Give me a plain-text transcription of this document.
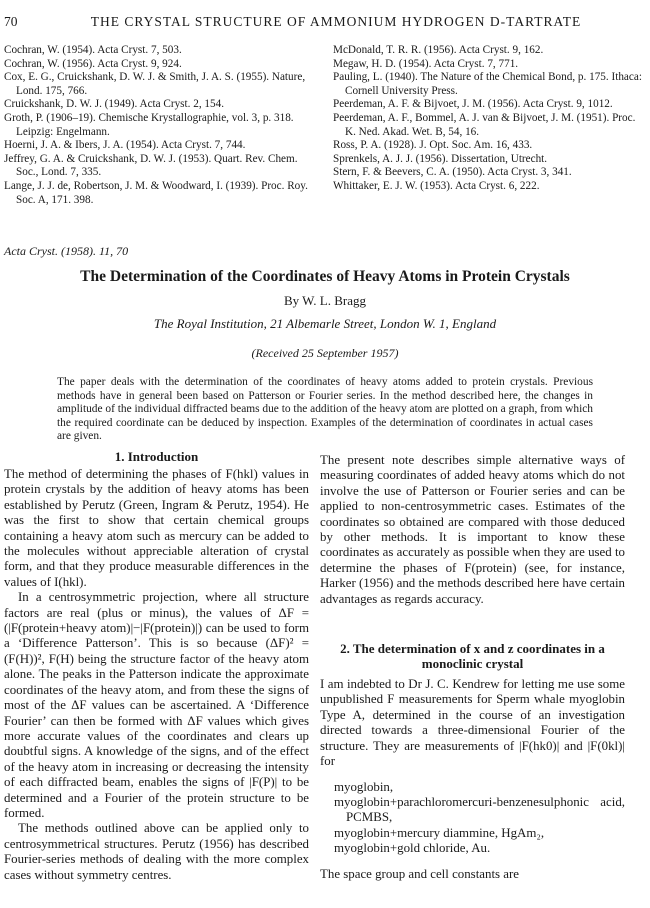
70	THE CRYSTAL STRUCTURE OF AMMONIUM HYDROGEN D-TARTRATE

Cochran, W. (1954). Acta Cryst. 7, 503.

Cochran, W. (1956). Acta Cryst. 9, 924.

Cox, E. G., Cruickshank, D. W. J. & Smith, J. A. S. (1955). Nature, Lond. 175, 766.

Cruickshank, D. W. J. (1949). Acta Cryst. 2, 154.

Groth, P. (1906–19). Chemische Krystallographie, vol. 3, p. 318. Leipzig: Engelmann.

Hoerni, J. A. & Ibers, J. A. (1954). Acta Cryst. 7, 744.

Jeffrey, G. A. & Cruickshank, D. W. J. (1953). Quart. Rev. Chem. Soc., Lond. 7, 335.

Lange, J. J. de, Robertson, J. M. & Woodward, I. (1939). Proc. Roy. Soc. A, 171. 398.

McDonald, T. R. R. (1956). Acta Cryst. 9, 162.

Megaw, H. D. (1954). Acta Cryst. 7, 771.

Pauling, L. (1940). The Nature of the Chemical Bond, p. 175. Ithaca: Cornell University Press.

Peerdeman, A. F. & Bijvoet, J. M. (1956). Acta Cryst. 9, 1012.

Peerdeman, A. F., Bommel, A. J. van & Bijvoet, J. M. (1951). Proc. K. Ned. Akad. Wet. B, 54, 16.

Ross, P. A. (1928). J. Opt. Soc. Am. 16, 433.

Sprenkels, A. J. J. (1956). Dissertation, Utrecht.

Stern, F. & Beevers, C. A. (1950). Acta Cryst. 3, 341.

Whittaker, E. J. W. (1953). Acta Cryst. 6, 222.

Acta Cryst. (1958). 11, 70
The Determination of the Coordinates of Heavy Atoms in Protein Crystals
By W. L. Bragg
The Royal Institution, 21 Albemarle Street, London W. 1, England
(Received 25 September 1957)
The paper deals with the determination of the coordinates of heavy atoms added to protein crystals. Previous methods have in general been based on Patterson or Fourier series. In the method described here, the changes in amplitude of the individual diffracted beams due to the addition of the heavy atom are plotted on a graph, from which the required coordinate can be deduced by inspection. Examples of the determination of coordinates in actual cases are given.
1. Introduction

The method of determining the phases of F(hkl) values in protein crystals by the addition of heavy atoms has been established by Perutz (Green, Ingram & Perutz, 1954). He was the first to show that certain chemical groups containing a heavy atom such as mercury can be added to the molecules without appreciable alteration of crystal form, and that they produce measurable differences in the values of I(hkl).

In a centrosymmetric projection, where all structure factors are real (plus or minus), the values of ΔF = (|F(protein+heavy atom)|−|F(protein)|) can be used to form a ‘Difference Patterson’. This is so because (ΔF)² = (F(H))², F(H) being the structure factor of the heavy atom alone. The peaks in the Patterson indicate the approximate coordinates of the heavy atom, and from these the signs of most of the ΔF values can be ascertained. A ‘Difference Fourier’ can then be formed with ΔF values which gives more accurate values of the coordinates and clears up doubtful signs. A knowledge of the signs, and of the effect of the heavy atom in increasing or decreasing the intensity of each diffracted beam, enables the signs of |F(P)| to be determined and a Fourier of the protein structure to be formed.

The methods outlined above can be applied only to centrosymmetrical structures. Perutz (1956) has described Fourier-series methods of dealing with the more complex cases without symmetry centres.

The present note describes simple alternative ways of measuring coordinates of added heavy atoms which do not involve the use of Patterson or Fourier series and can be applied to non-centrosymmetric cases. Estimates of the coordinates so obtained are compared with those deduced by other methods. It is important to know these coordinates as accurately as possible when they are used to determine the phases of F(protein) (see, for instance, Harker (1956) and the methods described here have certain advantages as regards accuracy.

2. The determination of x and z coordinates in a monoclinic crystal

I am indebted to Dr J. C. Kendrew for letting me use some unpublished F measurements for Sperm whale myoglobin Type A, determined in the course of an investigation directed towards a three-dimensional Fourier of the structure. They are measurements of |F(hk0)| and |F(0kl)| for

myoglobin,
myoglobin+parachloromercuri-benzenesulphonic acid, PCMBS,
myoglobin+mercury diammine, HgAm₂,
myoglobin+gold chloride, Au.

The space group and cell constants are
